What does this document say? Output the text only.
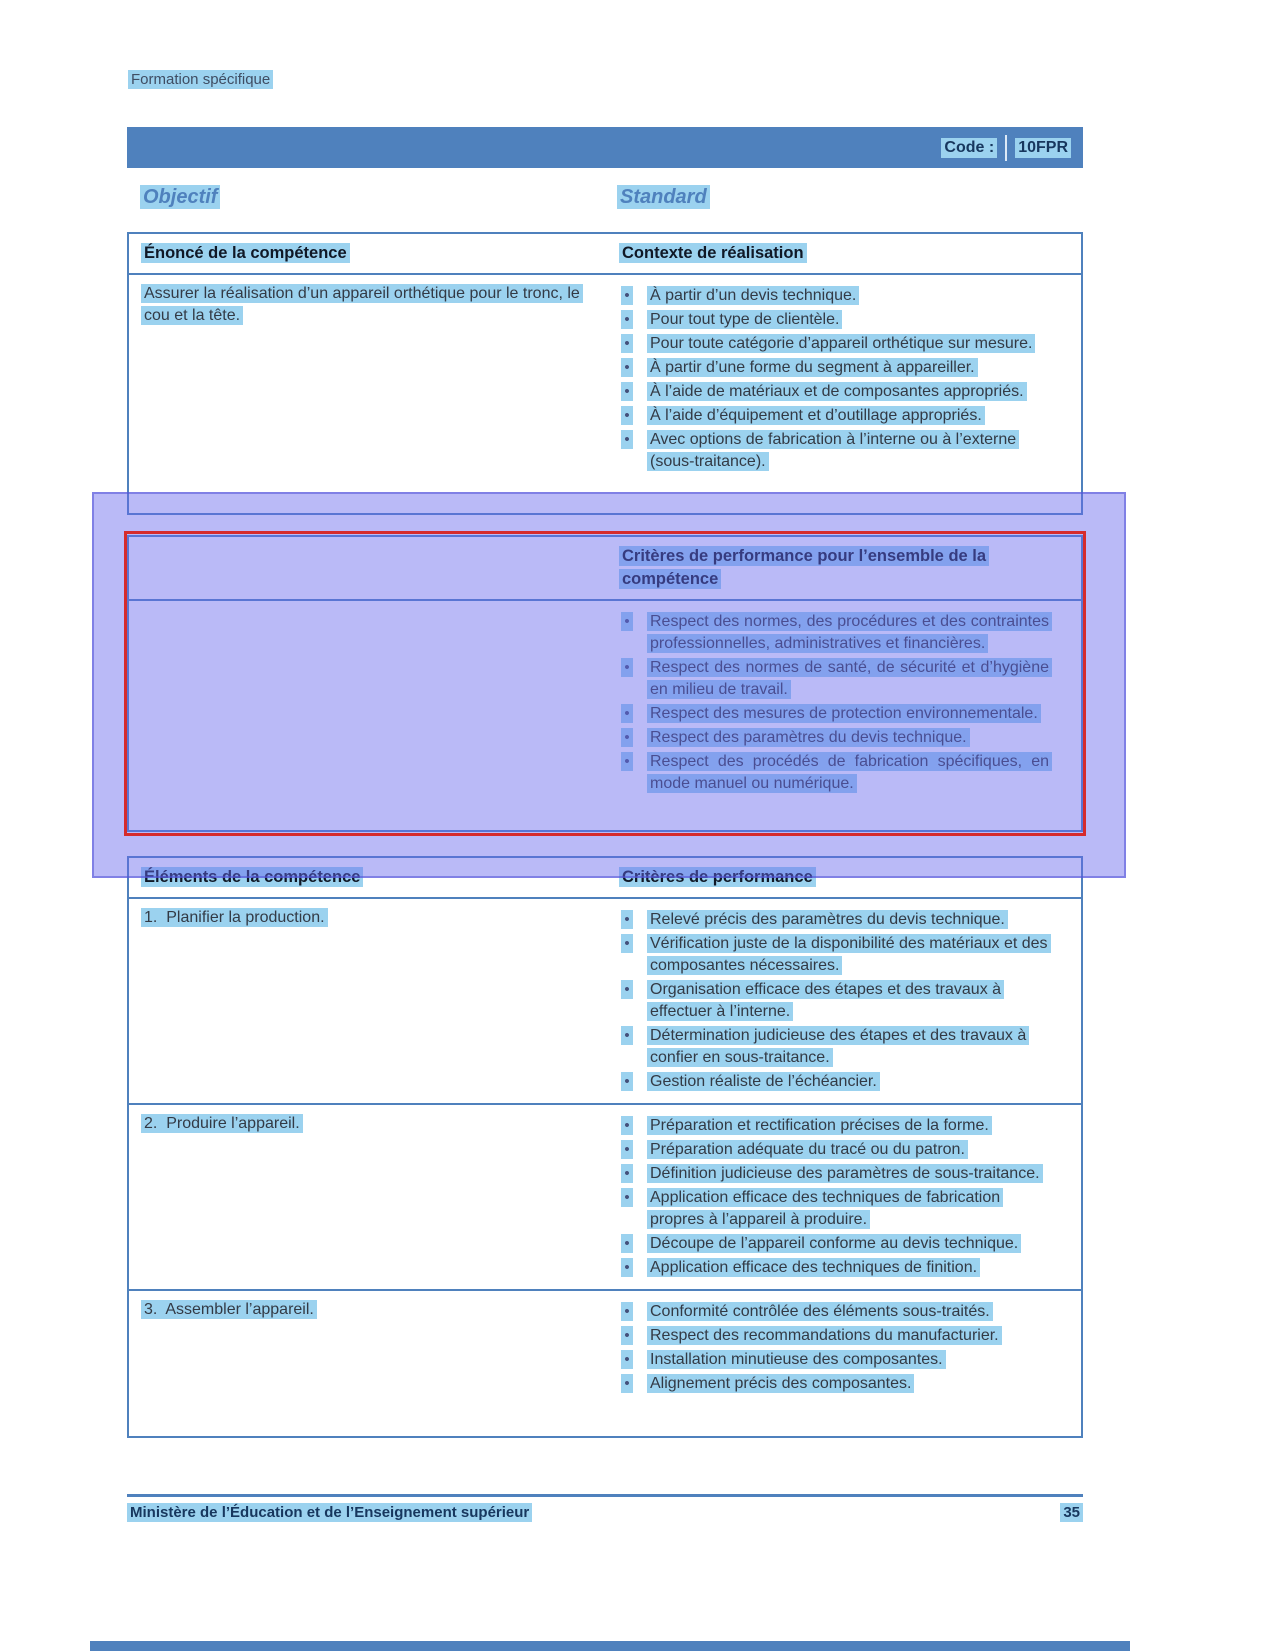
Formation spécifique
Code : 10FPR
Objectif	Standard
Énoncé de la compétence	Contexte de réalisation
Assurer la réalisation d’un appareil orthétique pour le tronc, le cou et la tête.
•	À partir d’un devis technique.
•	Pour tout type de clientèle.
•	Pour toute catégorie d’appareil orthétique sur mesure.
•	À partir d’une forme du segment à appareiller.
•	À l’aide de matériaux et de composantes appropriés.
•	À l’aide d’équipement et d’outillage appropriés.
•	Avec options de fabrication à l’interne ou à l’externe (sous-traitance).
Critères de performance pour l’ensemble de la compétence
•	Respect des normes, des procédures et des contraintes professionnelles, administratives et financières.
•	Respect des normes de santé, de sécurité et d’hygiène en milieu de travail.
•	Respect des mesures de protection environnementale.
•	Respect des paramètres du devis technique.
•	Respect des procédés de fabrication spécifiques, en mode manuel ou numérique.
Éléments de la compétence	Critères de performance
1.  Planifier la production.	•	Relevé précis des paramètres du devis technique.
•	Vérification juste de la disponibilité des matériaux et des composantes nécessaires.
•	Organisation efficace des étapes et des travaux à effectuer à l’interne.
•	Détermination judicieuse des étapes et des travaux à confier en sous-traitance.
•	Gestion réaliste de l’échéancier.
2.  Produire l’appareil.	•	Préparation et rectification précises de la forme.
•	Préparation adéquate du tracé ou du patron.
•	Définition judicieuse des paramètres de sous-traitance.
•	Application efficace des techniques de fabrication propres à l’appareil à produire.
•	Découpe de l’appareil conforme au devis technique.
•	Application efficace des techniques de finition.
3.  Assembler l’appareil.	•	Conformité contrôlée des éléments sous-traités.
•	Respect des recommandations du manufacturier.
•	Installation minutieuse des composantes.
•	Alignement précis des composantes.
Ministère de l’Éducation et de l’Enseignement supérieur	35
